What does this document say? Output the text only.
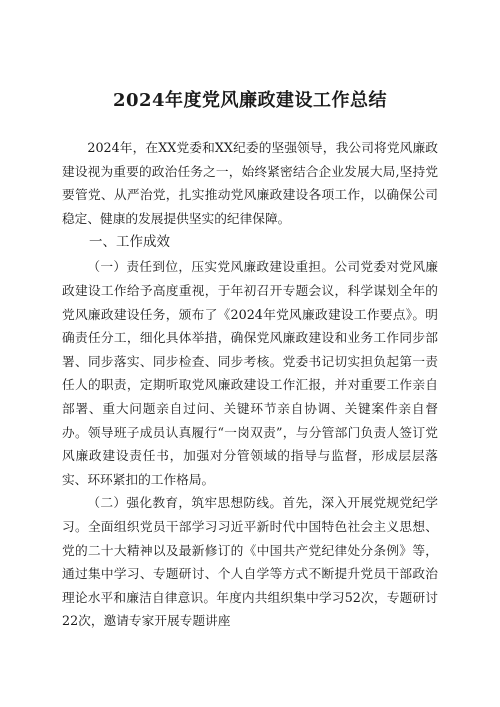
2024年度党风廉政建设工作总结

2024年，在XX党委和XX纪委的坚强领导，我公司将党风廉政建设视为重要的政治任务之一，始终紧密结合企业发展大局,坚持党要管党、从严治党，扎实推动党风廉政建设各项工作，以确保公司稳定、健康的发展提供坚实的纪律保障。

一、工作成效

（一）责任到位，压实党风廉政建设重担。公司党委对党风廉政建设工作给予高度重视，于年初召开专题会议，科学谋划全年的党风廉政建设任务，颁布了《2024年党风廉政建设工作要点》。明确责任分工，细化具体举措，确保党风廉政建设和业务工作同步部署、同步落实、同步检查、同步考核。党委书记切实担负起第一责任人的职责，定期听取党风廉政建设工作汇报，并对重要工作亲自部署、重大问题亲自过问、关键环节亲自协调、关键案件亲自督办。领导班子成员认真履行“一岗双责”，与分管部门负责人签订党风廉政建设责任书，加强对分管领域的指导与监督，形成层层落实、环环紧扣的工作格局。

（二）强化教育，筑牢思想防线。首先，深入开展党规党纪学习。全面组织党员干部学习习近平新时代中国特色社会主义思想、党的二十大精神以及最新修订的《中国共产党纪律处分条例》等，通过集中学习、专题研讨、个人自学等方式不断提升党员干部政治理论水平和廉洁自律意识。年度内共组织集中学习52次，专题研讨22次，邀请专家开展专题讲座
